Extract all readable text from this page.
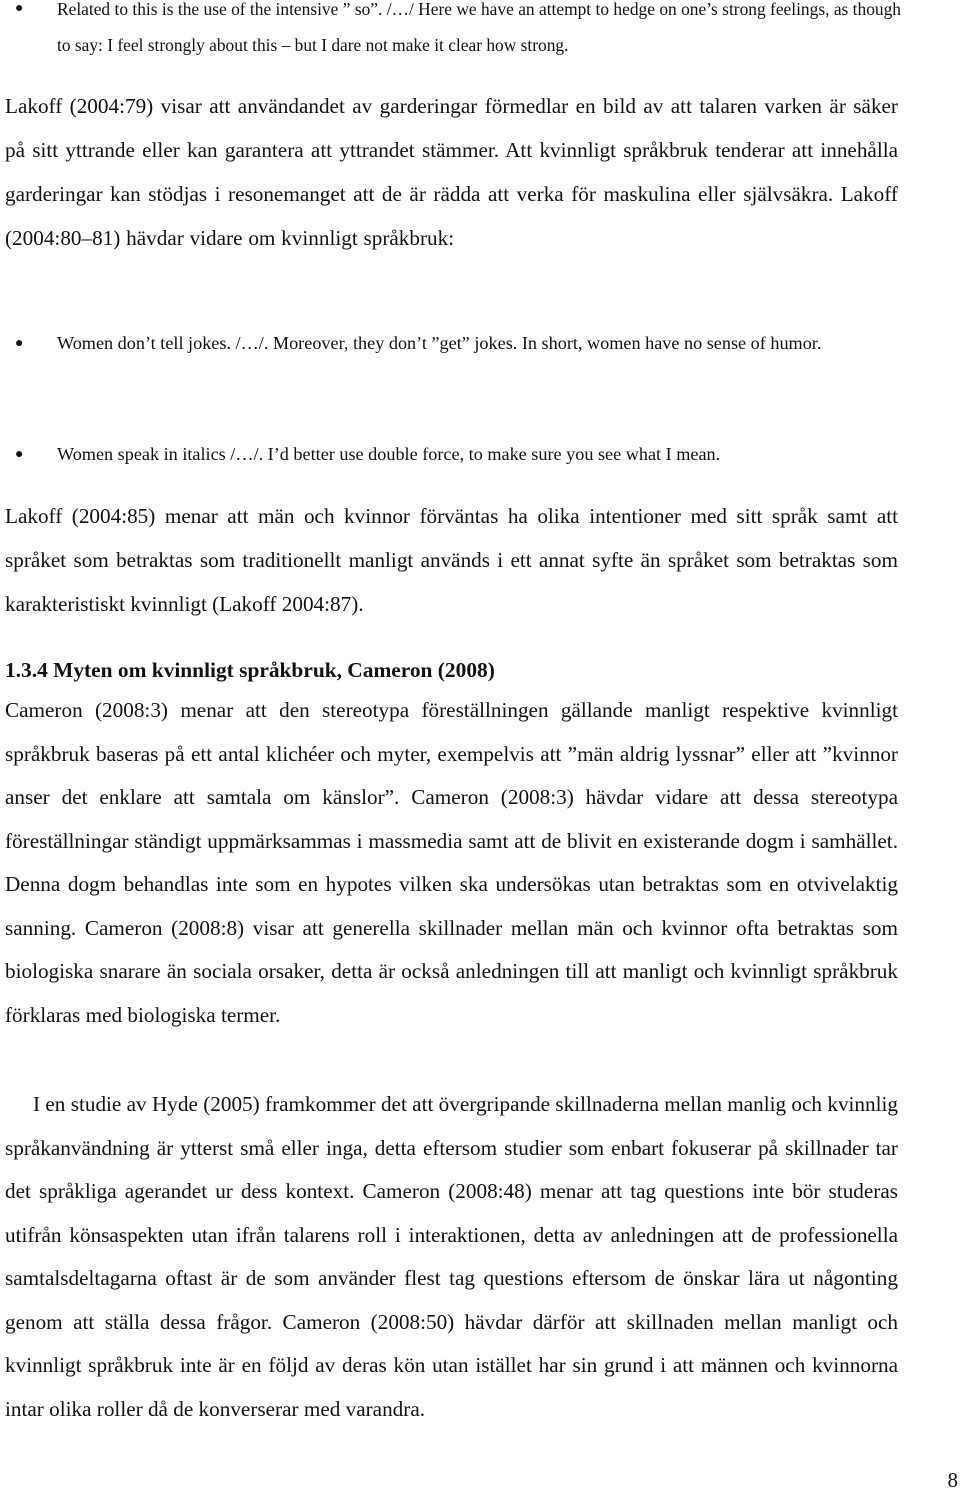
● Related to this is the use of the intensive ” so”. /…/ Here we have an attempt to hedge on one’s strong feelings, as though to say: I feel strongly about this – but I dare not make it clear how strong.

Lakoff (2004:79) visar att användandet av garderingar förmedlar en bild av att talaren varken är säker på sitt yttrande eller kan garantera att yttrandet stämmer. Att kvinnligt språkbruk tenderar att innehålla garderingar kan stödjas i resonemanget att de är rädda att verka för maskulina eller självsäkra. Lakoff (2004:80–81) hävdar vidare om kvinnligt språkbruk:

● Women don’t tell jokes. /…/. Moreover, they don’t ”get” jokes. In short, women have no sense of humor.
● Women speak in italics /…/. I’d better use double force, to make sure you see what I mean.

Lakoff (2004:85) menar att män och kvinnor förväntas ha olika intentioner med sitt språk samt att språket som betraktas som traditionellt manligt används i ett annat syfte än språket som betraktas som karakteristiskt kvinnligt (Lakoff 2004:87).

1.3.4 Myten om kvinnligt språkbruk, Cameron (2008)

Cameron (2008:3) menar att den stereotypa föreställningen gällande manligt respektive kvinnligt språkbruk baseras på ett antal klichéer och myter, exempelvis att ”män aldrig lyssnar” eller att ”kvinnor anser det enklare att samtala om känslor”. Cameron (2008:3) hävdar vidare att dessa stereotypa föreställningar ständigt uppmärksammas i massmedia samt att de blivit en existerande dogm i samhället. Denna dogm behandlas inte som en hypotes vilken ska undersökas utan betraktas som en otvivelaktig sanning. Cameron (2008:8) visar att generella skillnader mellan män och kvinnor ofta betraktas som biologiska snarare än sociala orsaker, detta är också anledningen till att manligt och kvinnligt språkbruk förklaras med biologiska termer.

I en studie av Hyde (2005) framkommer det att övergripande skillnaderna mellan manlig och kvinnlig språkanvändning är ytterst små eller inga, detta eftersom studier som enbart fokuserar på skillnader tar det språkliga agerandet ur dess kontext. Cameron (2008:48) menar att tag questions inte bör studeras utifrån könsaspekten utan ifrån talarens roll i interaktionen, detta av anledningen att de professionella samtalsdeltagarna oftast är de som använder flest tag questions eftersom de önskar lära ut någonting genom att ställa dessa frågor. Cameron (2008:50) hävdar därför att skillnaden mellan manligt och kvinnligt språkbruk inte är en följd av deras kön utan istället har sin grund i att männen och kvinnorna intar olika roller då de konverserar med varandra.

8
